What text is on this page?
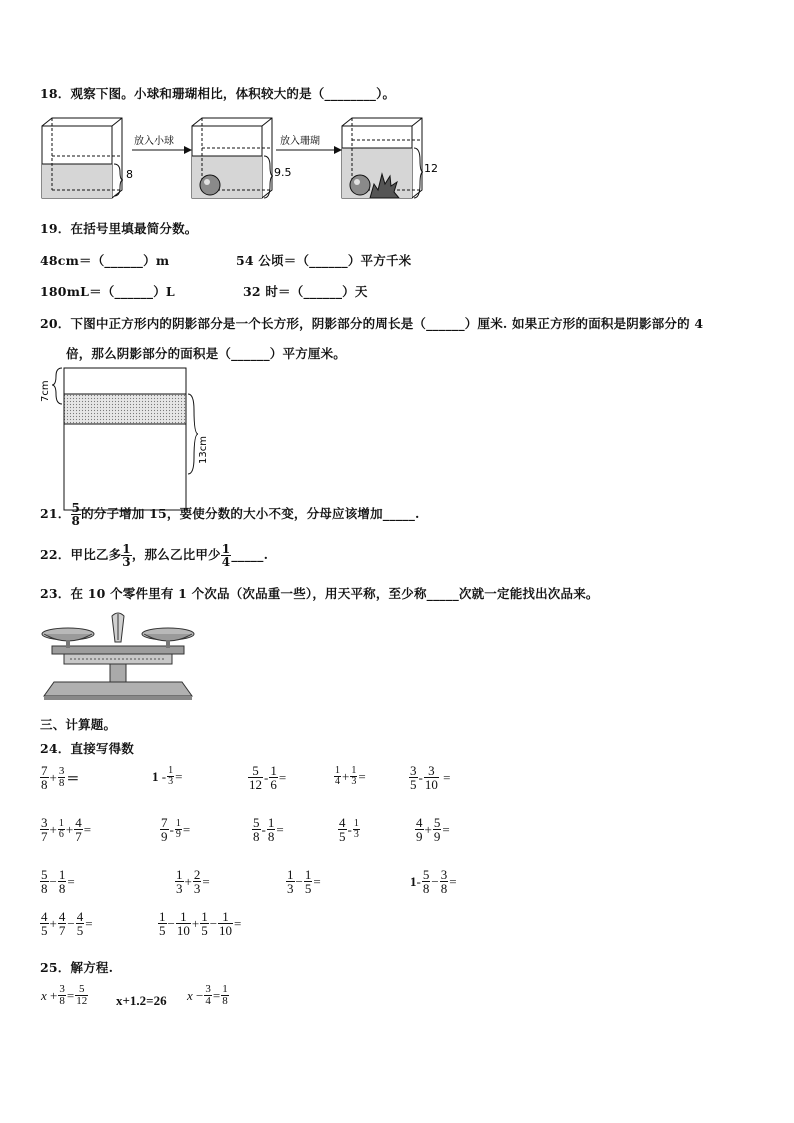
18．观察下图。小球和珊瑚相比，体积较大的是（________）。
8
放入小球
9.5
放入珊瑚
12
19．在括号里填最简分数。
48cm＝（______）m	54 公顷＝（______）平方千米
180mL＝（______）L	32 时＝（______）天
20．下图中正方形内的阴影部分是一个长方形，阴影部分的周长是（______）厘米. 如果正方形的面积是阴影部分的 4
倍，那么阴影部分的面积是（______）平方厘米。
7cm
13cm
21． $\frac{5}{8}$ 的分子增加 15，要使分数的大小不变，分母应该增加_____.
22．甲比乙多 $\frac{1}{3}$ ，那么乙比甲少 $\frac{1}{4}$ _____.
23．在 10 个零件里有 1 个次品（次品重一些），用天平称，至少称_____次就一定能找出次品来。
三、计算题。
24．直接写得数
$\frac{7}{8} + \frac{3}{8}$ ＝	$1 - \frac{1}{3}$ =	$\frac{5}{12} - \frac{1}{6}$ =	$\frac{1}{4} + \frac{1}{3}$ =	$\frac{3}{5} - \frac{3}{10}$ =
$\frac{3}{7} + \frac{1}{6} + \frac{4}{7}$ =	$\frac{7}{9} - \frac{1}{9}$ =	$\frac{5}{8} - \frac{1}{8}$ =	$\frac{4}{5} - \frac{1}{3}$	$\frac{4}{9} + \frac{5}{9}$ =
$\frac{5}{8} - \frac{1}{8}$ =	$\frac{1}{3} + \frac{2}{3}$ =	$\frac{1}{3} - \frac{1}{5}$ =	$1- \frac{5}{8} - \frac{3}{8}$ =
$\frac{4}{5} + \frac{4}{7} - \frac{4}{5}$ =	$\frac{1}{5} - \frac{1}{10} + \frac{1}{5} - \frac{1}{10}$ =
25．解方程.
$x + \frac{3}{8} = \frac{5}{12} x+1.2=26$ $x - \frac{3}{4} = \frac{1}{8}$
